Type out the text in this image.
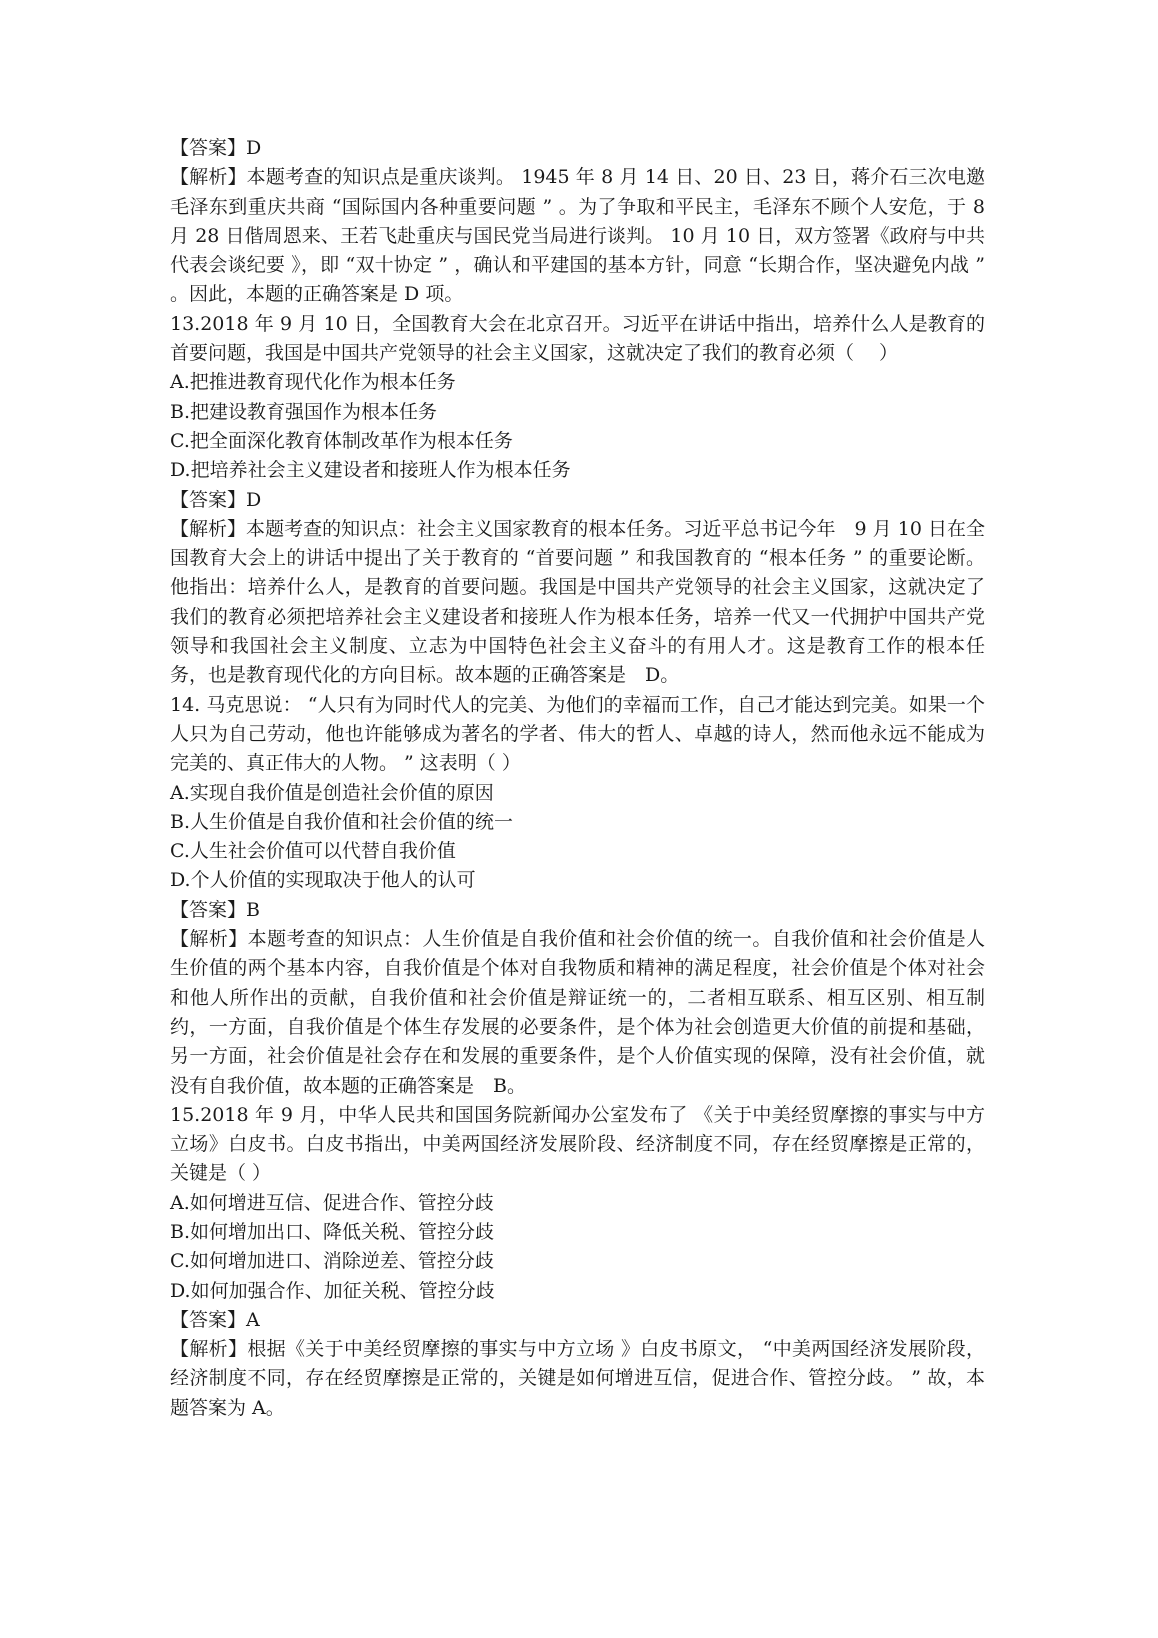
【答案】D

【解析】本题考查的知识点是重庆谈判。 1945 年 8 月 14 日、20 日、23 日，蒋介石三次电邀毛泽东到重庆共商 “国际国内各种重要问题 ” 。为了争取和平民主，毛泽东不顾个人安危，于 8 月 28 日偕周恩来、王若飞赴重庆与国民党当局进行谈判。 10 月 10 日，双方签署《政府与中共代表会谈纪要 》，即 “双十协定 ” ，确认和平建国的基本方针，同意 “长期合作，坚决避免内战 ” 。因此，本题的正确答案是 D 项。

13.2018 年 9 月 10 日，全国教育大会在北京召开。习近平在讲话中指出，培养什么人是教育的首要问题，我国是中国共产党领导的社会主义国家，这就决定了我们的教育必须（　 ）

A.把推进教育现代化作为根本任务

B.把建设教育强国作为根本任务

C.把全面深化教育体制改革作为根本任务

D.把培养社会主义建设者和接班人作为根本任务

【答案】D

【解析】本题考查的知识点：社会主义国家教育的根本任务。习近平总书记今年　9 月 10 日在全国教育大会上的讲话中提出了关于教育的 “首要问题 ” 和我国教育的 “根本任务 ” 的重要论断。他指出：培养什么人，是教育的首要问题。我国是中国共产党领导的社会主义国家，这就决定了我们的教育必须把培养社会主义建设者和接班人作为根本任务，培养一代又一代拥护中国共产党领导和我国社会主义制度、立志为中国特色社会主义奋斗的有用人才。这是教育工作的根本任务，也是教育现代化的方向目标。故本题的正确答案是　D。

14. 马克思说： “人只有为同时代人的完美、为他们的幸福而工作，自己才能达到完美。如果一个人只为自己劳动，他也许能够成为著名的学者、伟大的哲人、卓越的诗人，然而他永远不能成为完美的、真正伟大的人物。 ” 这表明（ ）

A.实现自我价值是创造社会价值的原因

B.人生价值是自我价值和社会价值的统一

C.人生社会价值可以代替自我价值

D.个人价值的实现取决于他人的认可

【答案】B

【解析】本题考查的知识点：人生价值是自我价值和社会价值的统一。自我价值和社会价值是人生价值的两个基本内容，自我价值是个体对自我物质和精神的满足程度，社会价值是个体对社会和他人所作出的贡献，自我价值和社会价值是辩证统一的，二者相互联系、相互区别、相互制约，一方面，自我价值是个体生存发展的必要条件，是个体为社会创造更大价值的前提和基础，另一方面，社会价值是社会存在和发展的重要条件，是个人价值实现的保障，没有社会价值，就没有自我价值，故本题的正确答案是　B。

15.2018 年 9 月，中华人民共和国国务院新闻办公室发布了 《关于中美经贸摩擦的事实与中方立场》白皮书。白皮书指出，中美两国经济发展阶段、经济制度不同，存在经贸摩擦是正常的，关键是（ ）

A.如何增进互信、促进合作、管控分歧

B.如何增加出口、降低关税、管控分歧

C.如何增加进口、消除逆差、管控分歧

D.如何加强合作、加征关税、管控分歧

【答案】A

【解析】根据《关于中美经贸摩擦的事实与中方立场 》白皮书原文， “中美两国经济发展阶段，经济制度不同，存在经贸摩擦是正常的，关键是如何增进互信，促进合作、管控分歧。 ” 故，本题答案为 A。
